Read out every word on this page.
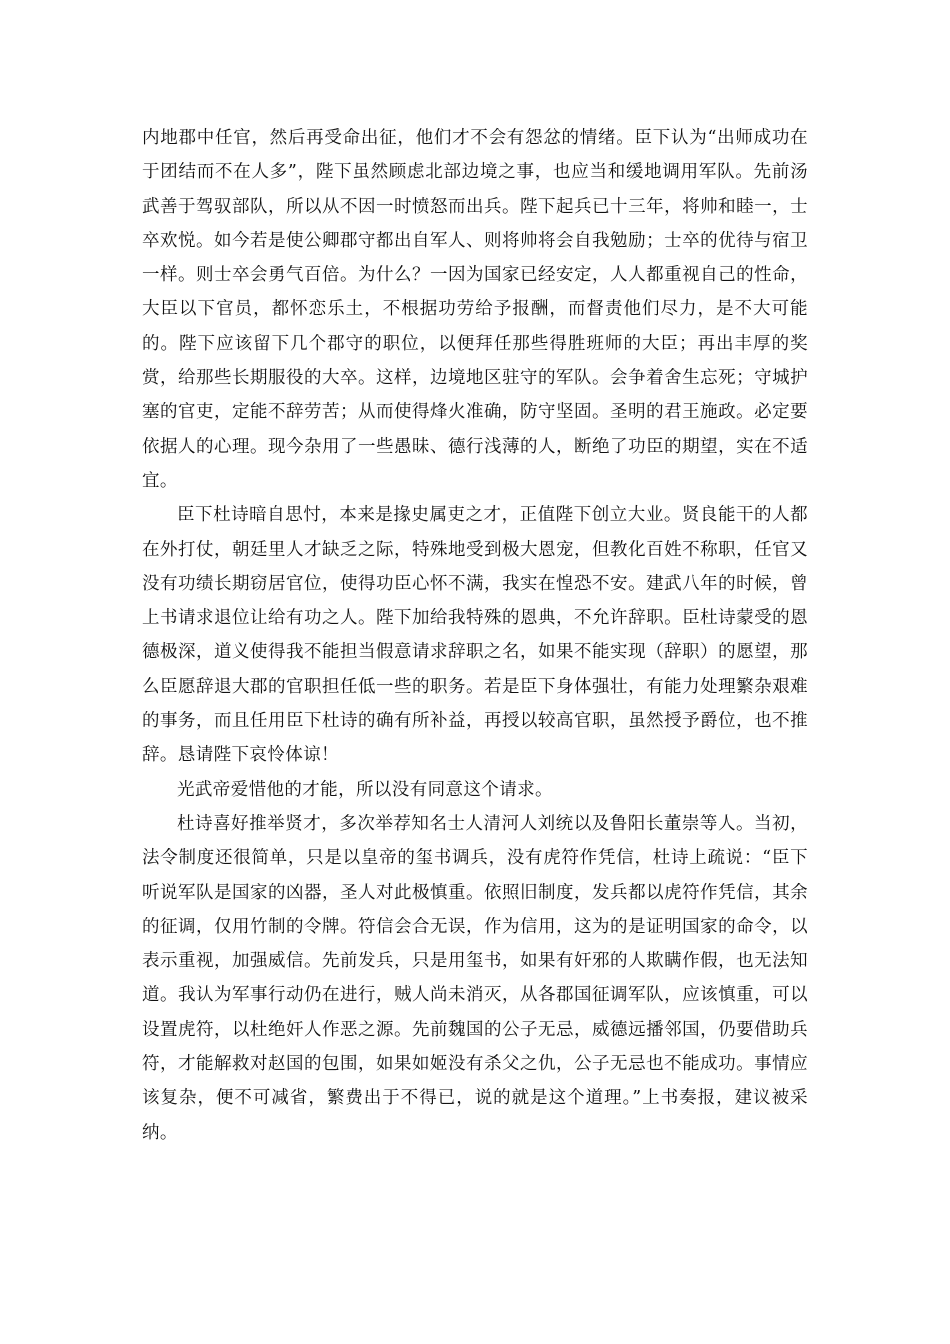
内地郡中任官，然后再受命出征，他们才不会有怨忿的情绪。臣下认为“出师成功在于团结而不在人多”，陛下虽然顾虑北部边境之事，也应当和缓地调用军队。先前汤武善于驾驭部队，所以从不因一时愤怒而出兵。陛下起兵已十三年，将帅和睦一，士卒欢悦。如今若是使公卿郡守都出自军人、则将帅将会自我勉励；士卒的优待与宿卫一样。则士卒会勇气百倍。为什么？一因为国家已经安定，人人都重视自己的性命，大臣以下官员，都怀恋乐土，不根据功劳给予报酬，而督责他们尽力，是不大可能的。陛下应该留下几个郡守的职位，以便拜任那些得胜班师的大臣；再出丰厚的奖赏，给那些长期服役的大卒。这样，边境地区驻守的军队。会争着舍生忘死；守城护塞的官吏，定能不辞劳苦；从而使得烽火准确，防守坚固。圣明的君王施政。必定要依据人的心理。现今杂用了一些愚昧、德行浅薄的人，断绝了功臣的期望，实在不适宜。

臣下杜诗暗自思忖，本来是掾史属吏之才，正值陛下创立大业。贤良能干的人都在外打仗，朝廷里人才缺乏之际，特殊地受到极大恩宠，但教化百姓不称职，任官又没有功绩长期窃居官位，使得功臣心怀不满，我实在惶恐不安。建武八年的时候，曾上书请求退位让给有功之人。陛下加给我特殊的恩典，不允许辞职。臣杜诗蒙受的恩德极深，道义使得我不能担当假意请求辞职之名，如果不能实现（辞职）的愿望，那么臣愿辞退大郡的官职担任低一些的职务。若是臣下身体强壮，有能力处理繁杂艰难的事务，而且任用臣下杜诗的确有所补益，再授以较高官职，虽然授予爵位，也不推辞。恳请陛下哀怜体谅！

光武帝爱惜他的才能，所以没有同意这个请求。

杜诗喜好推举贤才，多次举荐知名士人清河人刘统以及鲁阳长董崇等人。当初，法令制度还很简单，只是以皇帝的玺书调兵，没有虎符作凭信，杜诗上疏说：“臣下听说军队是国家的凶器，圣人对此极慎重。依照旧制度，发兵都以虎符作凭信，其余的征调，仅用竹制的令牌。符信会合无误，作为信用，这为的是证明国家的命令，以表示重视，加强威信。先前发兵，只是用玺书，如果有奸邪的人欺瞒作假，也无法知道。我认为军事行动仍在进行，贼人尚未消灭，从各郡国征调军队，应该慎重，可以设置虎符，以杜绝奸人作恶之源。先前魏国的公子无忌，威德远播邻国，仍要借助兵符，才能解救对赵国的包围，如果如姬没有杀父之仇，公子无忌也不能成功。事情应该复杂，便不可减省，繁费出于不得已，说的就是这个道理。”上书奏报，建议被采纳。
